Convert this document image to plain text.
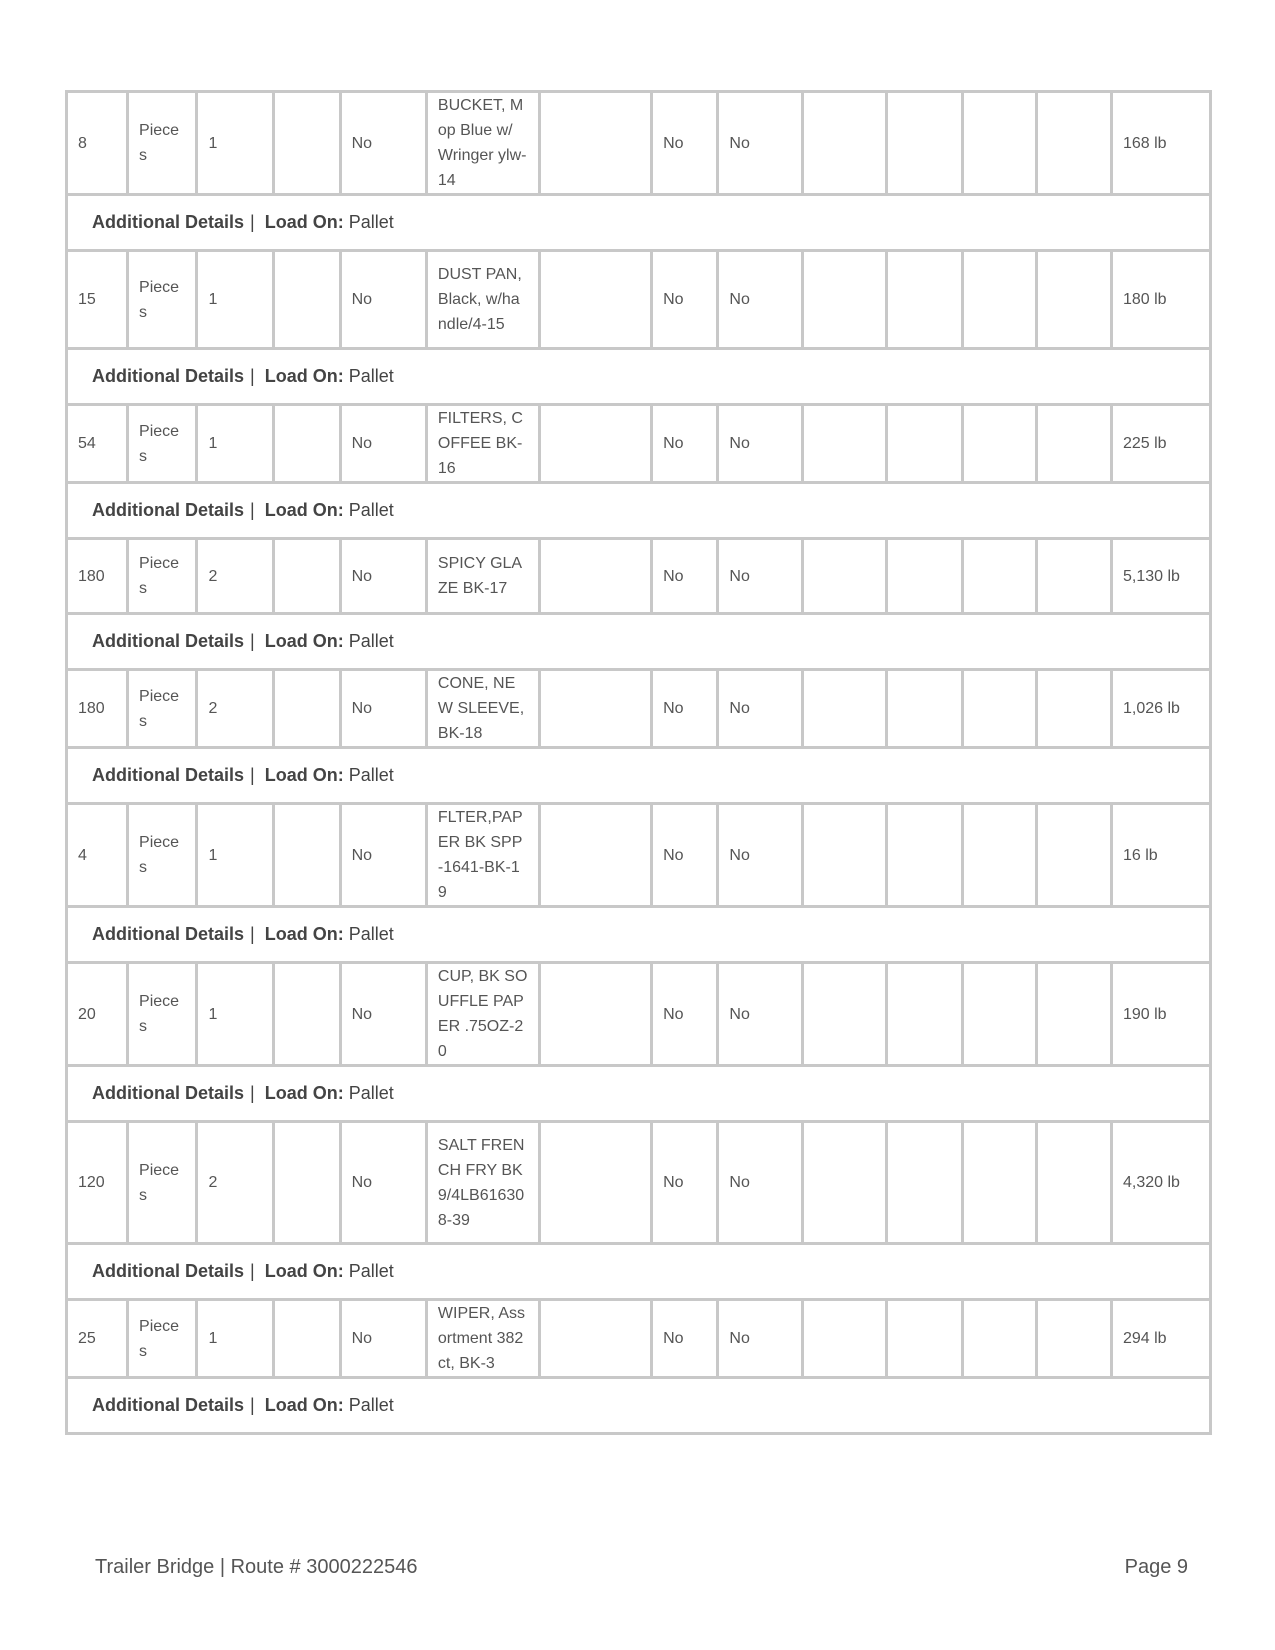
8	Pieces	1		No	BUCKET, Mop Blue w/Wringer ylw-14		No	No					168 lb
Additional Details | Load On: Pallet													
15	Pieces	1		No	DUST PAN, Black, w/handle/4-15		No	No					180 lb
Additional Details | Load On: Pallet													
54	Pieces	1		No	FILTERS, COFFEE BK-16		No	No					225 lb
Additional Details | Load On: Pallet													
180	Pieces	2		No	SPICY GLAZE BK-17		No	No					5,130 lb
Additional Details | Load On: Pallet													
180	Pieces	2		No	CONE, NEW SLEEVE, BK-18		No	No					1,026 lb
Additional Details | Load On: Pallet													
4	Pieces	1		No	FLTER,PAPER BK SPP-1641-BK-19		No	No					16 lb
Additional Details | Load On: Pallet													
20	Pieces	1		No	CUP, BK SOUFFLE PAPER .75OZ-20		No	No					190 lb
Additional Details | Load On: Pallet													
120	Pieces	2		No	SALT FRENCH FRY BK 9/4LB616308-39		No	No					4,320 lb
Additional Details | Load On: Pallet													
25	Pieces	1		No	WIPER, Assortment 382ct, BK-3		No	No					294 lb
Additional Details | Load On: Pallet													
Trailer Bridge | Route # 3000222546	Page 9
